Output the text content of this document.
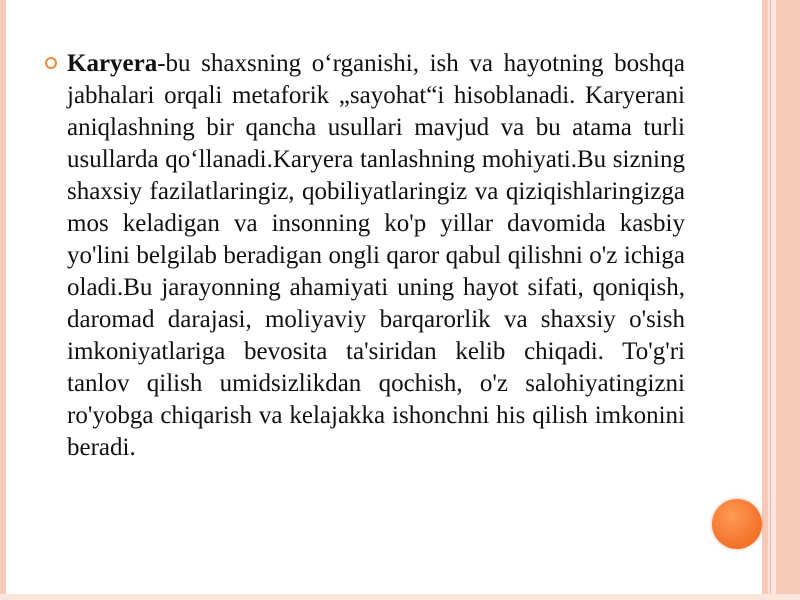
Karyera-bu shaxsning o‘rganishi, ish va hayotning boshqa jabhalari orqali metaforik „sayohat“i hisoblanadi. Karyerani aniqlashning bir qancha usullari mavjud va bu atama turli usullarda qo‘llanadi.Karyera tanlashning mohiyati.Bu sizning shaxsiy fazilatlaringiz, qobiliyatlaringiz va qiziqishlaringizga mos keladigan va insonning ko'p yillar davomida kasbiy yo'lini belgilab beradigan ongli qaror qabul qilishni o'z ichiga oladi.Bu jarayonning ahamiyati uning hayot sifati, qoniqish, daromad darajasi, moliyaviy barqarorlik va shaxsiy o'sish imkoniyatlariga bevosita ta'siridan kelib chiqadi. To'g'ri tanlov qilish umidsizlikdan qochish, o'z salohiyatingizni ro'yobga chiqarish va kelajakka ishonchni his qilish imkonini beradi.
